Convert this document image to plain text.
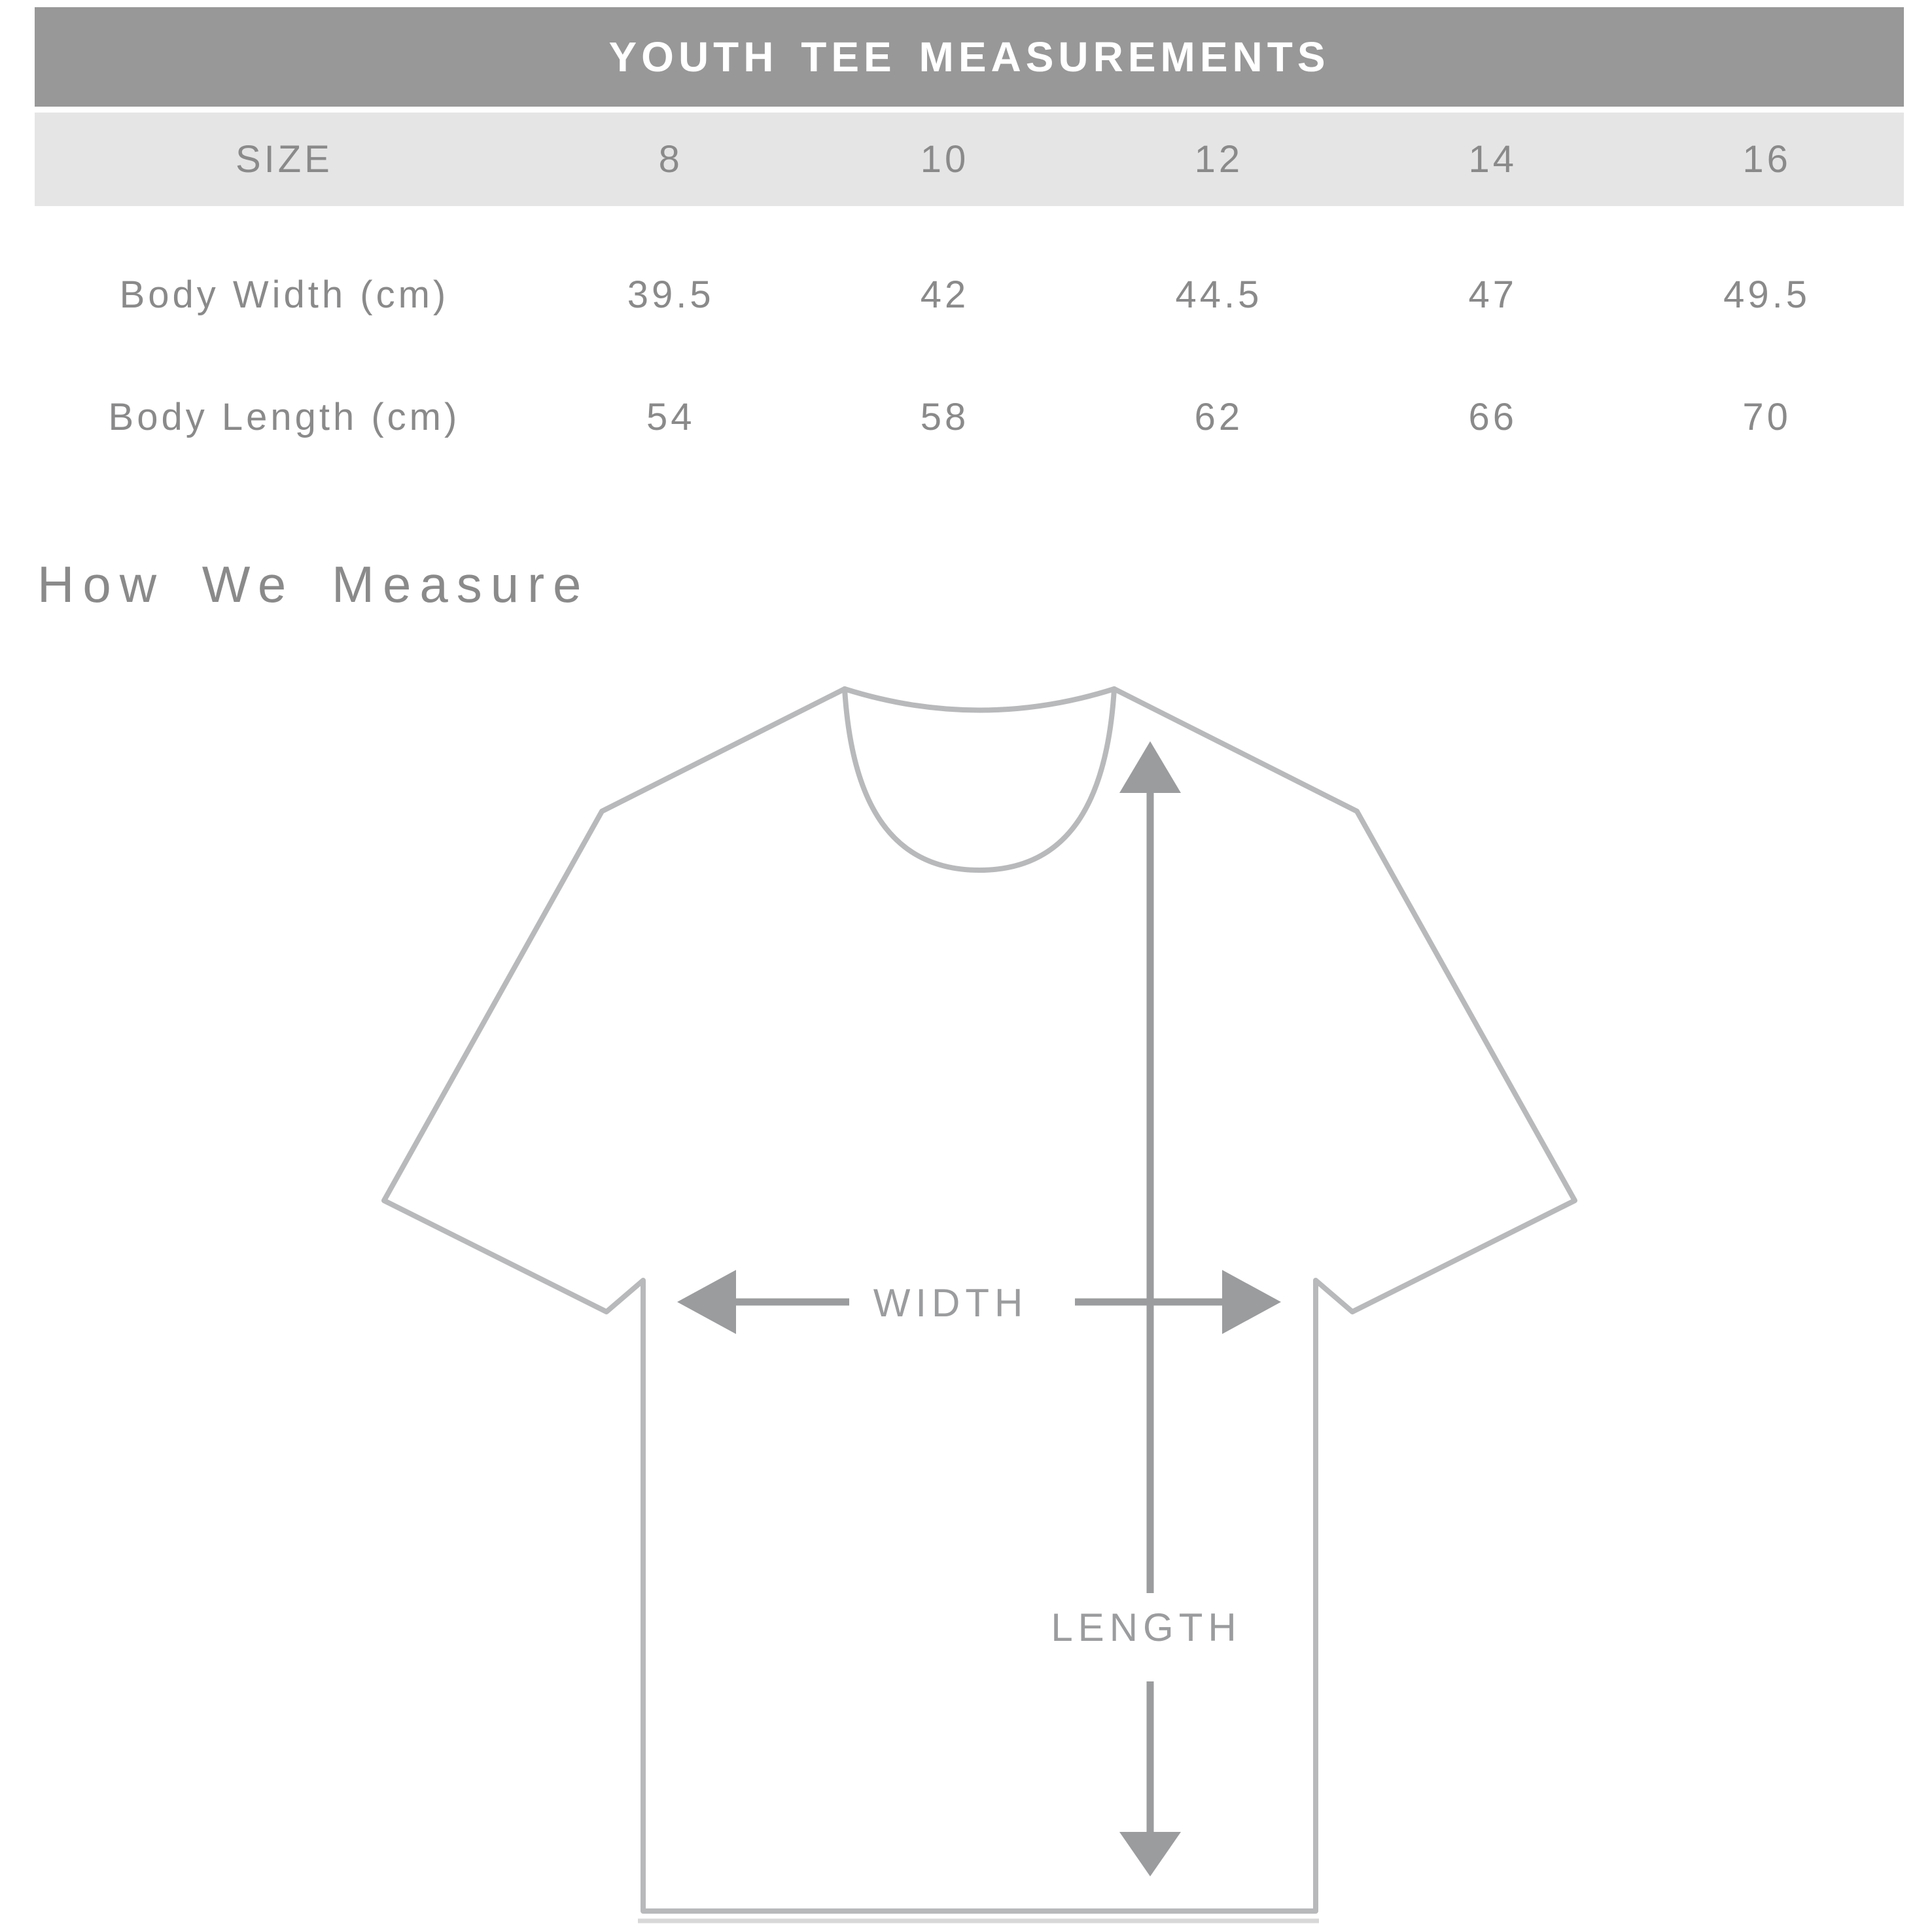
YOUTH TEE MEASUREMENTS
SIZE	8	10	12	14	16
Body Width (cm)	39.5	42	44.5	47	49.5
Body Length (cm)	54	58	62	66	70
How We Measure
LENGTH
WIDTH
